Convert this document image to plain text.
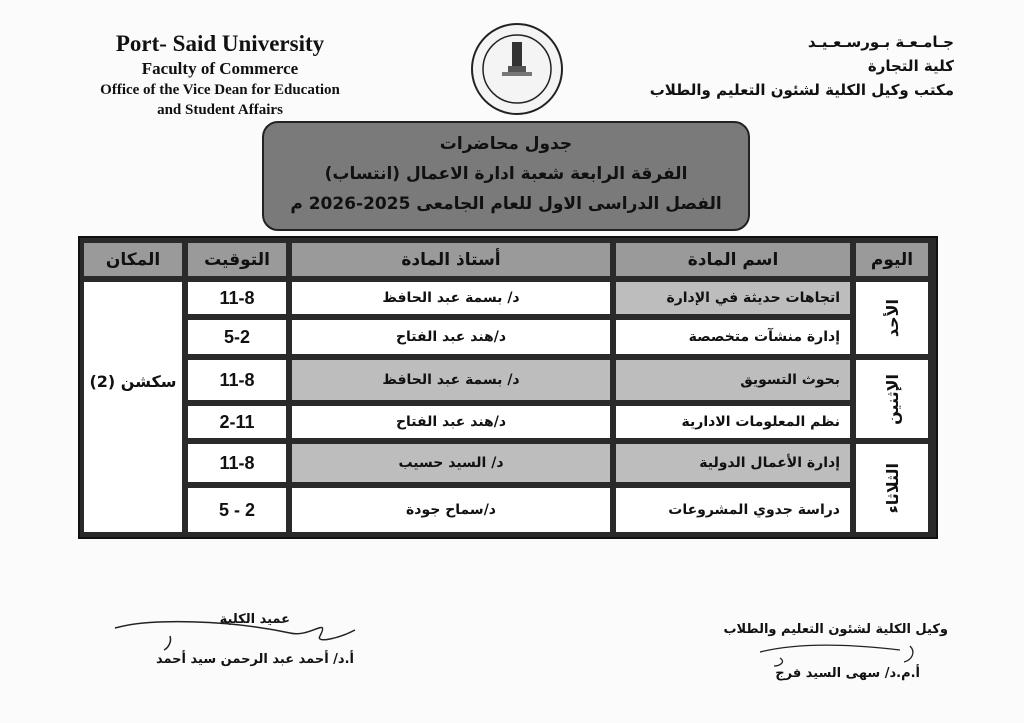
Port- Said University
Faculty of Commerce
Office of the Vice Dean for Education
and Student Affairs
جـامـعـة بـورسـعـيـد
كلية التجارة
مكتب وكيل الكلية لشئون التعليم والطلاب
جدول محاضرات
الفرقة الرابعة شعبة ادارة الاعمال (انتساب)
الفصل الدراسى الاول للعام الجامعى 2025-2026 م
اليوم
اسم المادة
أستاذ المادة
التوقيت
المكان
الأحد
الإثنين
الثلاثاء
سكشن (2)
اتجاهات حديثة في الإدارة
د/ بسمة عبد الحافظ
11-8
إدارة منشآت متخصصة
د/هند عبد الفتاح
5-2
بحوث التسويق
د/ بسمة عبد الحافظ
11-8
نظم المعلومات الادارية
د/هند عبد الفتاح
2-11
إدارة الأعمال الدولية
د/ السيد حسيب
11-8
دراسة جدوي المشروعات
د/سماح جودة
5 - 2
عميد الكلية
أ.د/ أحمد عبد الرحمن سيد أحمد
وكيل الكلية لشئون التعليم والطلاب
أ.م.د/ سهى السيد فرج
